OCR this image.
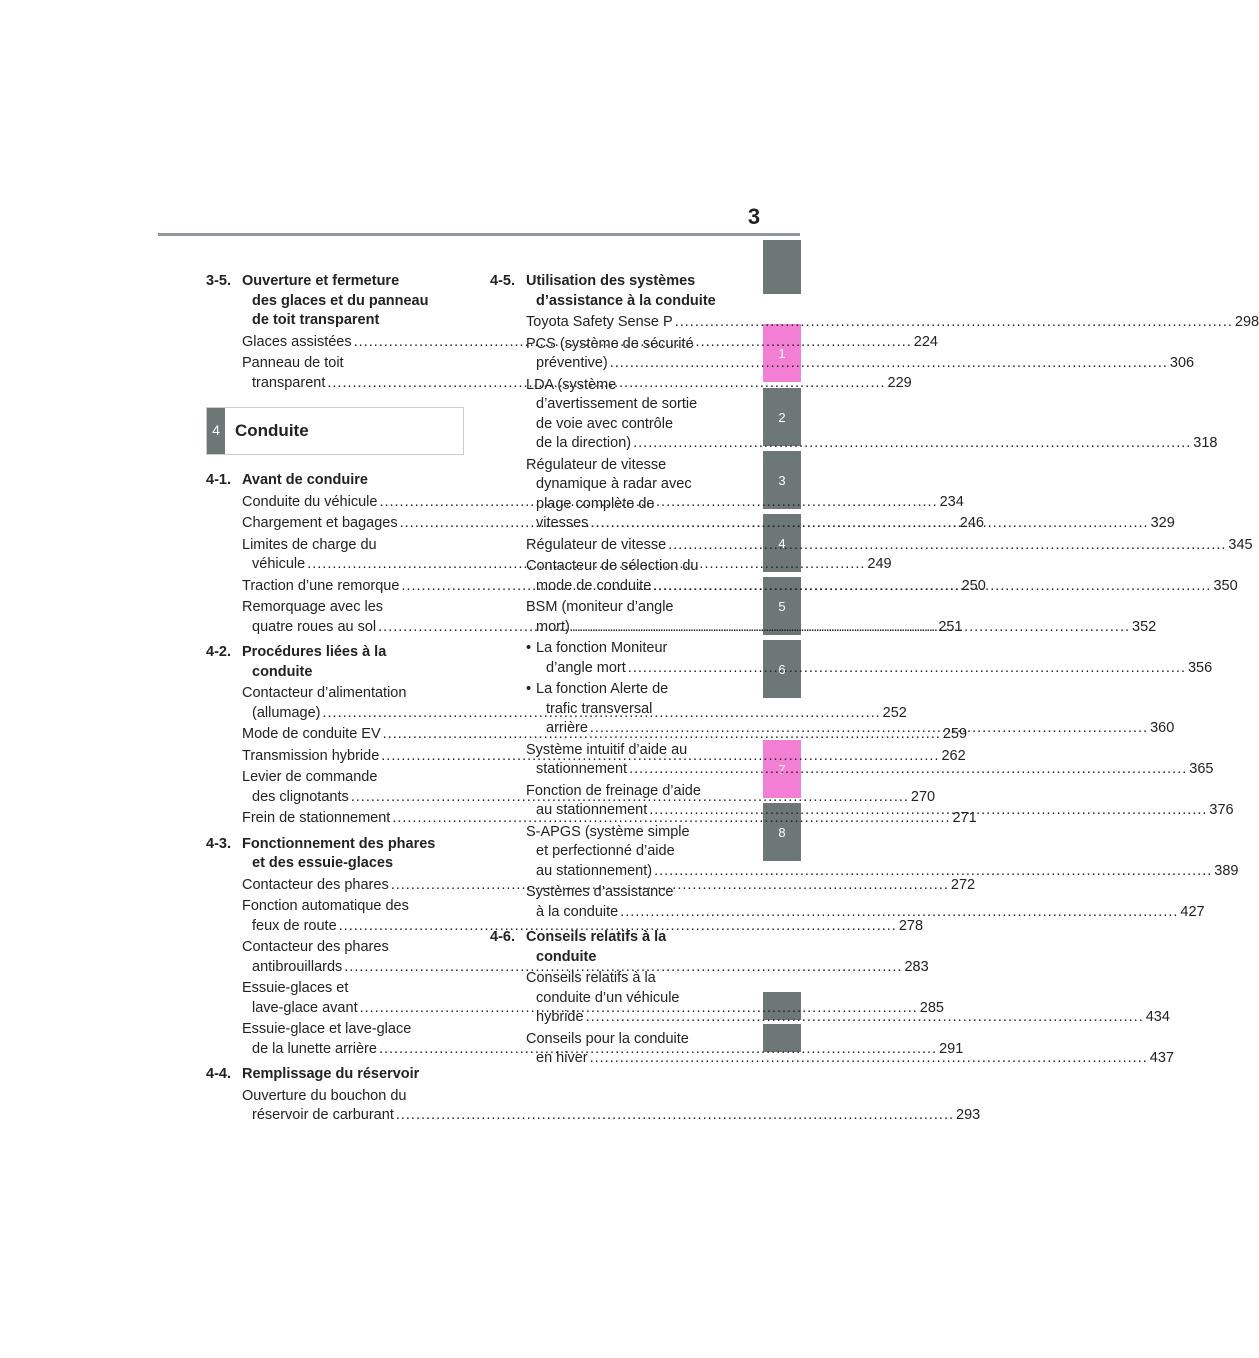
3
1
2
3
4
5
6
7
8
3-5. Ouverture et fermeture
des glaces et du panneau
de toit transparent
Glaces assistées .....	224
Panneau de toit
transparent .....	229
4 Conduite
4-1. Avant de conduire
Conduite du véhicule .....	234
Chargement et bagages .....	246
Limites de charge du
véhicule .....	249
Traction d’une remorque .....	250
Remorquage avec les
quatre roues au sol .....	251
4-2. Procédures liées à la
conduite
Contacteur d’alimentation
(allumage) .....	252
Mode de conduite EV .....	259
Transmission hybride .....	262
Levier de commande
des clignotants .....	270
Frein de stationnement .....	271
4-3. Fonctionnement des phares
et des essuie-glaces
Contacteur des phares .....	272
Fonction automatique des
feux de route .....	278
Contacteur des phares
antibrouillards .....	283
Essuie-glaces et
lave-glace avant .....	285
Essuie-glace et lave-glace
de la lunette arrière .....	291
4-4. Remplissage du réservoir
Ouverture du bouchon du
réservoir de carburant .....	293
4-5. Utilisation des systèmes
d’assistance à la conduite
Toyota Safety Sense P .....	298
PCS (système de sécurité
préventive) .....	306
LDA (système
d’avertissement de sortie
de voie avec contrôle
de la direction) .....	318
Régulateur de vitesse
dynamique à radar avec
plage complète de
vitesses .....	329
Régulateur de vitesse .....	345
Contacteur de sélection du
mode de conduite .....	350
BSM (moniteur d’angle
mort) .....	352
• La fonction Moniteur
d’angle mort .....	356
• La fonction Alerte de
trafic transversal
arrière .....	360
Système intuitif d’aide au
stationnement .....	365
Fonction de freinage d’aide
au stationnement .....	376
S-APGS (système simple
et perfectionné d’aide
au stationnement) .....	389
Systèmes d’assistance
à la conduite .....	427
4-6. Conseils relatifs à la
conduite
Conseils relatifs à la
conduite d’un véhicule
hybride .....	434
Conseils pour la conduite
en hiver .....	437
